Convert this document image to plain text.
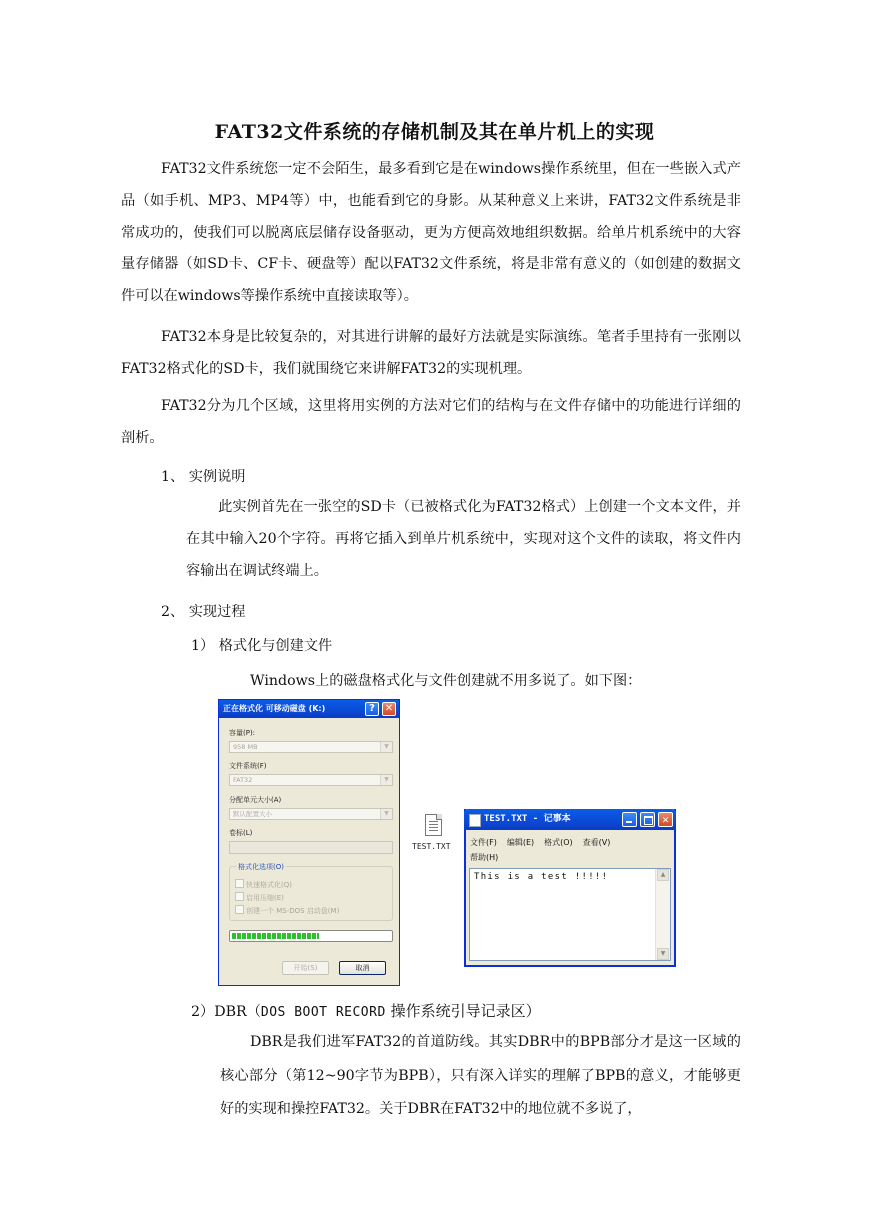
FAT32文件系统的存储机制及其在单片机上的实现
FAT32文件系统您一定不会陌生，最多看到它是在windows操作系统里，但在一些嵌入式产品（如手机、MP3、MP4等）中，也能看到它的身影。从某种意义上来讲，FAT32文件系统是非常成功的，使我们可以脱离底层储存设备驱动，更为方便高效地组织数据。给单片机系统中的大容量存储器（如SD卡、CF卡、硬盘等）配以FAT32文件系统，将是非常有意义的（如创建的数据文件可以在windows等操作系统中直接读取等）。
FAT32本身是比较复杂的，对其进行讲解的最好方法就是实际演练。笔者手里持有一张刚以FAT32格式化的SD卡，我们就围绕它来讲解FAT32的实现机理。
FAT32分为几个区域，这里将用实例的方法对它们的结构与在文件存储中的功能进行详细的剖析。
1、 实例说明
此实例首先在一张空的SD卡（已被格式化为FAT32格式）上创建一个文本文件，并在其中输入20个字符。再将它插入到单片机系统中，实现对这个文件的读取，将文件内容输出在调试终端上。
2、 实现过程
1） 格式化与创建文件
Windows上的磁盘格式化与文件创建就不用多说了。如下图：
正在格式化 可移动磁盘 (K:)	? ✕
容量(P):
958 MB	▼
文件系统(F)
FAT32	▼
分配单元大小(A)
默认配置大小	▼
卷标(L)
格式化选项(O)
快速格式化(Q)
启用压缩(E)
创建一个 MS-DOS 启动盘(M)
开始(S)	取消
TEST.TXT
TEST.TXT - 记事本	✕
文件(F) 编辑(E) 格式(O) 查看(V)
帮助(H)
This is a test !!!!!	▲
▼
2）DBR（DOS BOOT RECORD 操作系统引导记录区）
DBR是我们进军FAT32的首道防线。其实DBR中的BPB部分才是这一区域的核心部分（第12~90字节为BPB），只有深入详实的理解了BPB的意义，才能够更好的实现和操控FAT32。关于DBR在FAT32中的地位就不多说了，
